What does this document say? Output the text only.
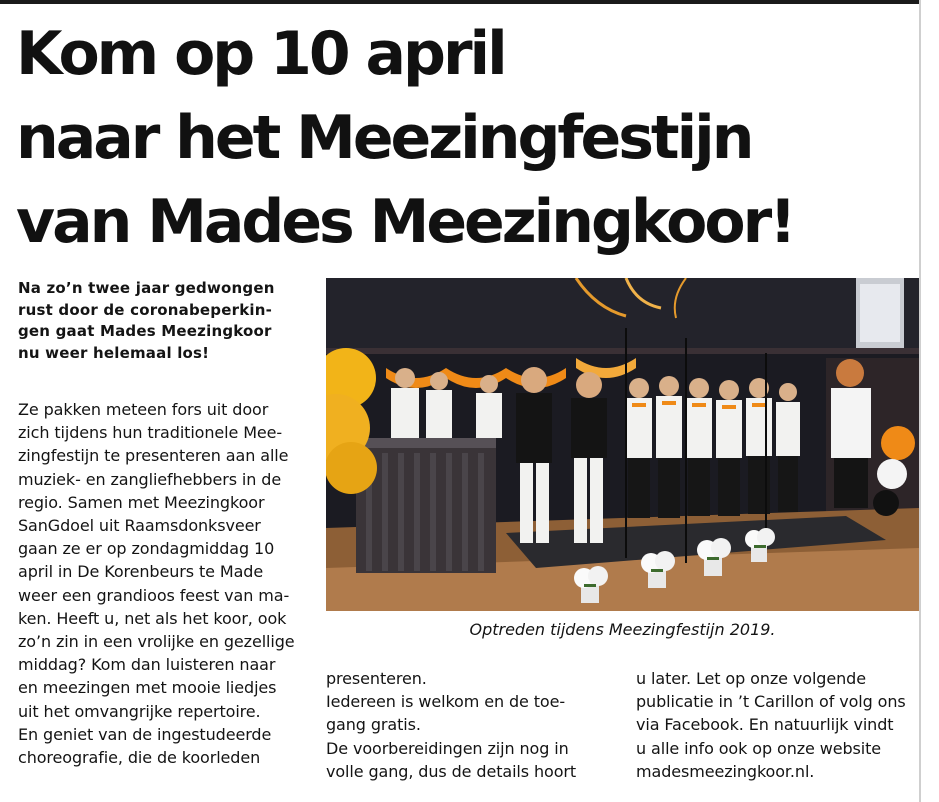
Kom op 10 april
naar het Meezingfestijn
van Mades Meezingkoor!

Na zo’n twee jaar gedwongen
rust door de coronabeperkin-
gen gaat Mades Meezingkoor
nu weer helemaal los!

Ze pakken meteen fors uit door
zich tijdens hun traditionele Mee-
zingfestijn te presenteren aan alle
muziek- en zangliefhebbers in de
regio. Samen met Meezingkoor
SanGdoel uit Raamsdonksveer
gaan ze er op zondagmiddag 10
april in De Korenbeurs te Made
weer een grandioos feest van ma-
ken. Heeft u, net als het koor, ook
zo’n zin in een vrolijke en gezellige
middag? Kom dan luisteren naar
en meezingen met mooie liedjes
uit het omvangrijke repertoire.
En geniet van de ingestudeerde
choreografie, die de koorleden

Optreden tijdens Meezingfestijn 2019.

presenteren.
Iedereen is welkom en de toe-
gang gratis.
De voorbereidingen zijn nog in
volle gang, dus de details hoort

u later. Let op onze volgende
publicatie in ’t Carillon of volg ons
via Facebook. En natuurlijk vindt
u alle info ook op onze website
madesmeezingkoor.nl.
